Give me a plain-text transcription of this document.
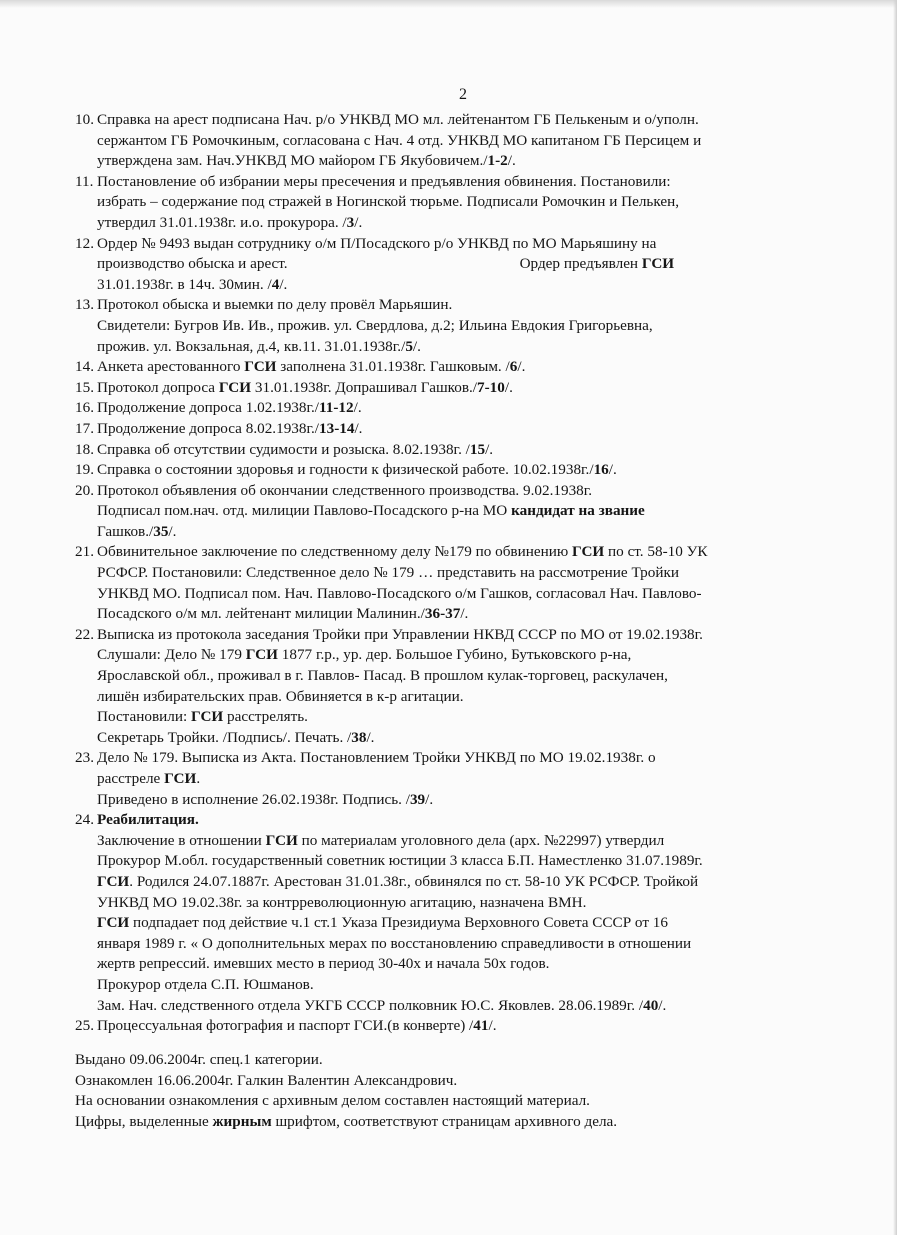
2
10. Справка на арест подписана Нач. р/о УНКВД МО мл. лейтенантом ГБ Пелькеным и о/уполн.
сержантом ГБ Ромочкиным, согласована с Нач. 4 отд. УНКВД МО капитаном ГБ Персицем и
утверждена зам. Нач.УНКВД МО майором ГБ Якубовичем./1-2/.
11. Постановление об избрании меры пресечения и предъявления обвинения. Постановили:
избрать – содержание под стражей в Ногинской тюрьме. Подписали Ромочкин и Пелькен,
утвердил 31.01.1938г. и.о. прокурора. /3/.
12. Ордер № 9493 выдан сотруднику о/м П/Посадского р/о УНКВД по МО Марьяшину на
производство обыска и арест.	Ордер предъявлен ГСИ
31.01.1938г. в 14ч. 30мин. /4/.
13. Протокол обыска и выемки по делу провёл Марьяшин.
Свидетели: Бугров Ив. Ив., прожив. ул. Свердлова, д.2; Ильина Евдокия Григорьевна,
прожив. ул. Вокзальная, д.4, кв.11. 31.01.1938г./5/.
14. Анкета арестованного ГСИ заполнена 31.01.1938г. Гашковым. /6/.
15. Протокол допроса ГСИ 31.01.1938г. Допрашивал Гашков./7-10/.
16. Продолжение допроса 1.02.1938г./11-12/.
17. Продолжение допроса 8.02.1938г./13-14/.
18. Справка об отсутствии судимости и розыска. 8.02.1938г. /15/.
19. Справка о состоянии здоровья и годности к физической работе. 10.02.1938г./16/.
20. Протокол объявления об окончании следственного производства. 9.02.1938г.
Подписал пом.нач. отд. милиции Павлово-Посадского р-на МО кандидат на звание
Гашков./35/.
21. Обвинительное заключение по следственному делу №179 по обвинению ГСИ по ст. 58-10 УК
РСФСР. Постановили: Следственное дело № 179 … представить на рассмотрение Тройки
УНКВД МО. Подписал пом. Нач. Павлово-Посадского о/м Гашков, согласовал Нач. Павлово-
Посадского о/м мл. лейтенант милиции Малинин./36-37/.
22. Выписка из протокола заседания Тройки при Управлении НКВД СССР по МО от 19.02.1938г.
Слушали: Дело № 179 ГСИ 1877 г.р., ур. дер. Большое Губино, Бутьковского р-на,
Ярославской обл., проживал в г. Павлов- Пасад. В прошлом кулак-торговец, раскулачен,
лишён избирательских прав. Обвиняется в к-р агитации.
Постановили: ГСИ расстрелять.
Секретарь Тройки. /Подпись/. Печать. /38/.
23. Дело № 179. Выписка из Акта. Постановлением Тройки УНКВД по МО 19.02.1938г. о
расстреле ГСИ.
Приведено в исполнение 26.02.1938г. Подпись. /39/.
24. Реабилитация.
Заключение в отношении ГСИ по материалам уголовного дела (арх. №22997) утвердил
Прокурор М.обл. государственный советник юстиции 3 класса Б.П. Наместленко 31.07.1989г.
ГСИ. Родился 24.07.1887г. Арестован 31.01.38г., обвинялся по ст. 58-10 УК РСФСР. Тройкой
УНКВД МО 19.02.38г. за контрреволюционную агитацию, назначена ВМН.
ГСИ подпадает под действие ч.1 ст.1 Указа Президиума Верховного Совета СССР от 16
января 1989 г. « О дополнительных мерах по восстановлению справедливости в отношении
жертв репрессий. имевших место в период 30-40х и начала 50х годов.
Прокурор отдела С.П. Юшманов.
Зам. Нач. следственного отдела УКГБ СССР полковник Ю.С. Яковлев. 28.06.1989г. /40/.
25. Процессуальная фотография и паспорт ГСИ.(в конверте) /41/.
Выдано 09.06.2004г. спец.1 категории.
Ознакомлен 16.06.2004г. Галкин Валентин Александрович.
На основании ознакомления с архивным делом составлен настоящий материал.
Цифры, выделенные жирным шрифтом, соответствуют страницам архивного дела.
